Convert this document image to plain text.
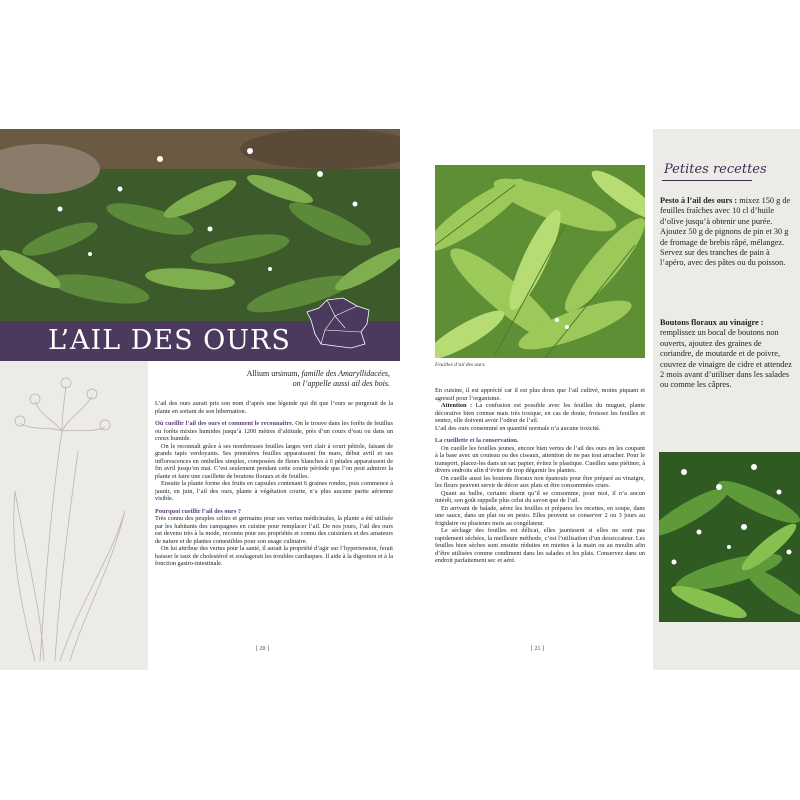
L’AIL DES OURS
Allium ursinum, famille des Amaryllidacées,
on l’appelle aussi ail des bois.

L’ail des ours aurait pris son nom d’après une légende qui dit que l’ours se purgerait de la plante en sortant de son hibernation.

Où cueillir l’ail des ours et comment le reconnaître. On le trouve dans les forêts de feuillus ou forêts mixtes humides jusqu’à 1200 mètres d’altitude, près d’un cours d’eau ou dans un creux humide.

On le reconnaît grâce à ses nombreuses feuilles larges vert clair à court pétiole, faisant de grands tapis verdoyants. Ses premières feuilles apparaissent fin mars, début avril et ses inflorescences en ombelles simples, composées de fleurs blanches à 6 pétales apparaissent de fin avril jusqu’en mai. C’est seulement pendant cette courte période que l’on peut admirer la plante et faire une cueillette de boutons floraux et de feuilles.

Ensuite la plante forme des fruits en capsules contenant 6 graines rondes, puis commence à jaunir, en juin, l’ail des ours, plante à végétation courte, n’a plus aucune partie aérienne visible.

Pourquoi cueillir l’ail des ours ?

Très connu des peuples celtes et germains pour ses vertus médicinales, la plante a été utilisée par les habitants des campagnes en cuisine pour remplacer l’ail. De nos jours, l’ail des ours est devenu très à la mode, reconnu pour ses propriétés et connu des cuisiniers et des amateurs de nature et de plantes comestibles pour son usage culinaire.

On lui attribue des vertus pour la santé, il aurait la propriété d’agir sur l’hypertension, ferait baisser le taux de cholestérol et soulagerait les troubles cardiaques. Il aide à la digestion et à la fonction gastro-intestinale.

[ 20 ]
Feuilles d’ail des ours.

En cuisine, il est apprécié car il est plus doux que l’ail cultivé, moins piquant et agressif pour l’organisme.

Attention : La confusion est possible avec les feuilles du muguet, plante décorative bien connue mais très toxique, en cas de doute, froissez les feuilles et sentez, elle doivent avoir l’odeur de l’ail.

L’ail des ours consommé en quantité normale n’a aucune toxicité.

La cueillette et la conservation.

On cueille les feuilles jeunes, encore bien vertes de l’ail des ours en les coupant à la base avec un couteau ou des ciseaux, attention de ne pas tout arracher. Pour le transport, placez-les dans un sac papier, évitez le plastique. Cueillez sans piétiner, à divers endroits afin d’éviter de trop dégarnir les plantes.

On cueille aussi les boutons floraux non épanouis pour être préparé au vinaigre, les fleurs peuvent servir de décor aux plats et être consommées crues.

Quant au bulbe, certains disent qu’il se consomme, pour moi, il n’a aucun intérêt, son goût rappelle plus celui du savon que de l’ail.

En arrivant de balade, aérez les feuilles et préparez les recettes, en soupe, dans une sauce, dans un plat ou en pesto. Elles peuvent se conserver 2 ou 3 jours au frigidaire ou plusieurs mois au congélateur.

Le séchage des feuilles est délicat, elles jaunissent si elles ne sont pas rapidement séchées, la meilleure méthode, c’est l’utilisation d’un dessiccateur. Les feuilles bien sèches sont ensuite réduites en miettes à la main ou au moulin afin d’être utilisées comme condiment dans les salades et les plats. Conservez dans un endroit parfaitement sec et aéré.

[ 21 ]
Petites recettes
Pesto à l’ail des ours : mixez 150 g de feuilles fraîches avec 10 cl d’huile d’olive jusqu’à obtenir une purée. Ajoutez 50 g de pignons de pin et 30 g de fromage de brebis râpé, mélangez. Servez sur des tranches de pain à l’apéro, avec des pâtes ou du poisson.
Boutons floraux au vinaigre : remplissez un bocal de boutons non ouverts, ajoutez des graines de coriandre, de moutarde et de poivre, couvrez de vinaigre de cidre et attendez 2 mois avant d’utiliser dans les salades ou comme les câpres.
